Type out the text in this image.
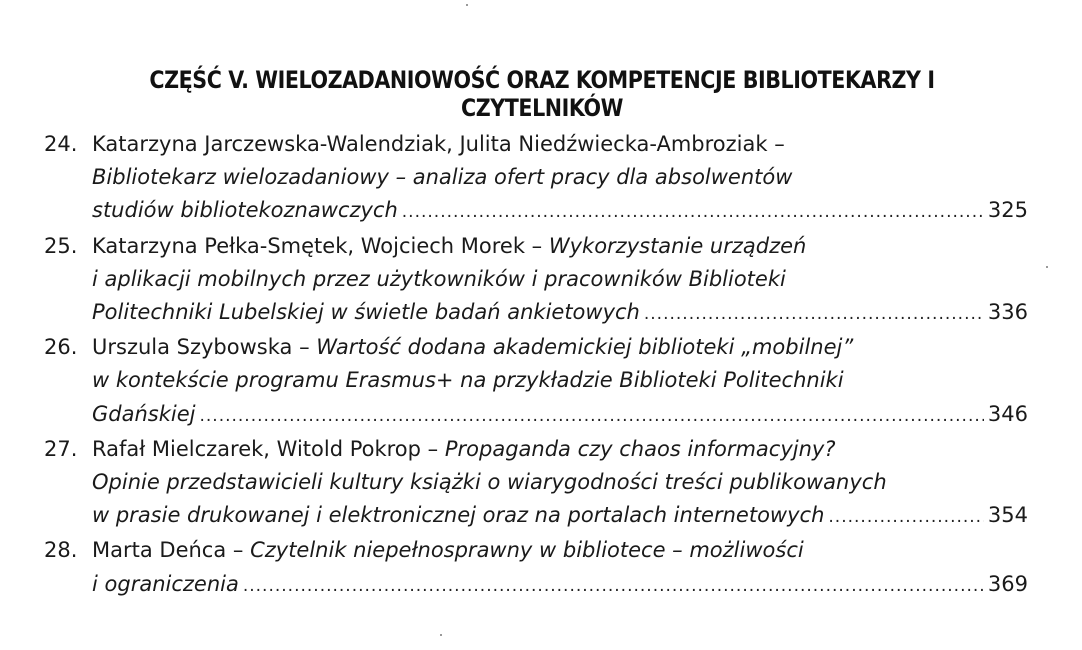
CZĘŚĆ V. WIELOZADANIOWOŚĆ ORAZ KOMPETENCJE BIBLIOTEKARZY I CZYTELNIKÓW
24. Katarzyna Jarczewska-Walendziak, Julita Niedźwiecka-Ambroziak –
Bibliotekarz wielozadaniowy – analiza ofert pracy dla absolwentów
studiów bibliotekoznawczych .....	325
25. Katarzyna Pełka-Smętek, Wojciech Morek – Wykorzystanie urządzeń
i aplikacji mobilnych przez użytkowników i pracowników Biblioteki
Politechniki Lubelskiej w świetle badań ankietowych .....	336
26. Urszula Szybowska – Wartość dodana akademickiej biblioteki „mobilnej”
w kontekście programu Erasmus+ na przykładzie Biblioteki Politechniki
Gdańskiej .....	346
27. Rafał Mielczarek, Witold Pokrop – Propaganda czy chaos informacyjny?
Opinie przedstawicieli kultury książki o wiarygodności treści publikowanych
w prasie drukowanej i elektronicznej oraz na portalach internetowych .....	354
28. Marta Deńca – Czytelnik niepełnosprawny w bibliotece – możliwości
i ograniczenia .....	369
